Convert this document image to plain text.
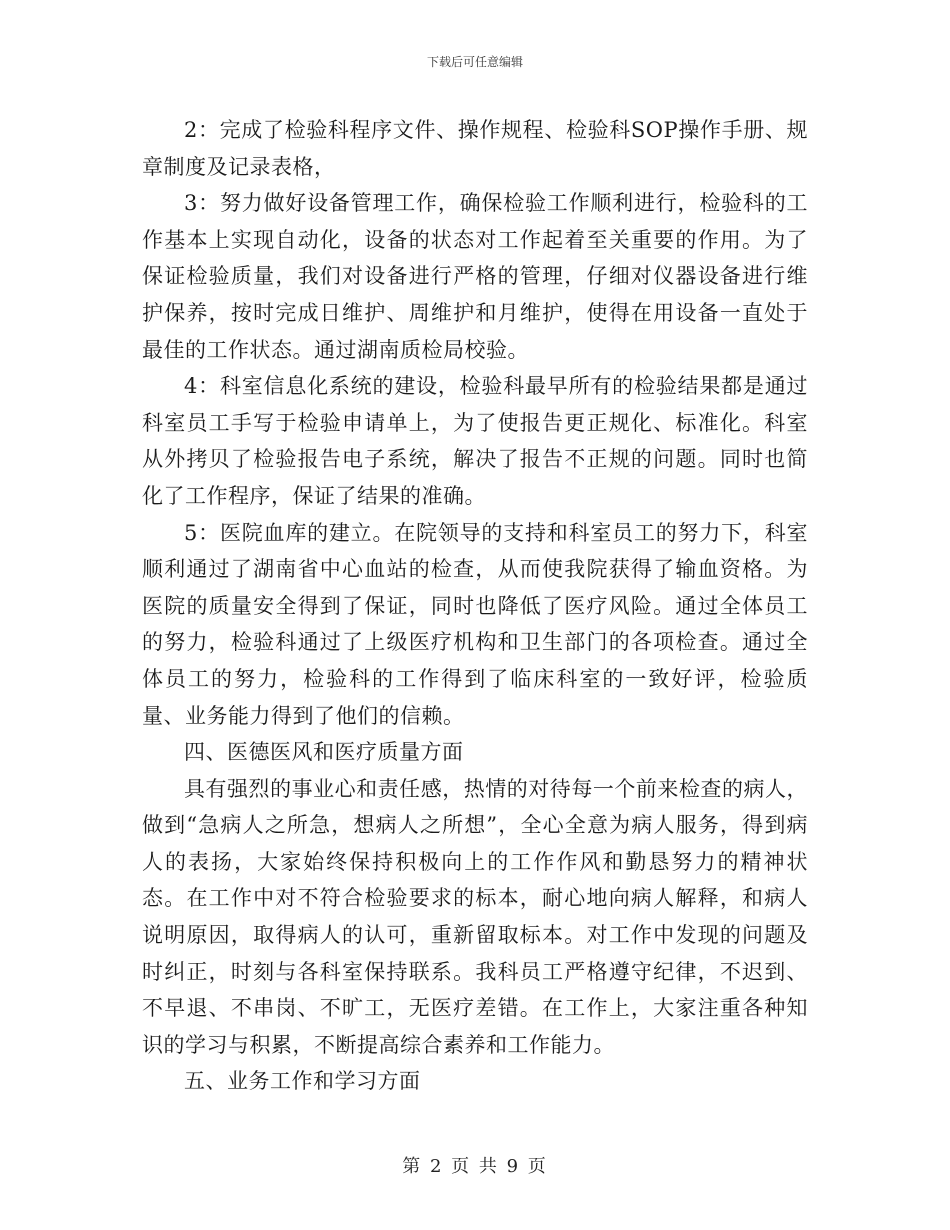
下载后可任意编辑

2：完成了检验科程序文件、操作规程、检验科SOP操作手册、规章制度及记录表格，

3：努力做好设备管理工作，确保检验工作顺利进行，检验科的工作基本上实现自动化，设备的状态对工作起着至关重要的作用。为了保证检验质量，我们对设备进行严格的管理，仔细对仪器设备进行维护保养，按时完成日维护、周维护和月维护，使得在用设备一直处于最佳的工作状态。通过湖南质检局校验。

4：科室信息化系统的建设，检验科最早所有的检验结果都是通过科室员工手写于检验申请单上，为了使报告更正规化、标准化。科室从外拷贝了检验报告电子系统，解决了报告不正规的问题。同时也简化了工作程序，保证了结果的准确。

5：医院血库的建立。在院领导的支持和科室员工的努力下，科室顺利通过了湖南省中心血站的检查，从而使我院获得了输血资格。为医院的质量安全得到了保证，同时也降低了医疗风险。通过全体员工的努力，检验科通过了上级医疗机构和卫生部门的各项检查。通过全体员工的努力，检验科的工作得到了临床科室的一致好评，检验质量、业务能力得到了他们的信赖。

四、医德医风和医疗质量方面

具有强烈的事业心和责任感，热情的对待每一个前来检查的病人，做到“急病人之所急，想病人之所想”，全心全意为病人服务，得到病人的表扬，大家始终保持积极向上的工作作风和勤恳努力的精神状态。在工作中对不符合检验要求的标本，耐心地向病人解释，和病人说明原因，取得病人的认可，重新留取标本。对工作中发现的问题及时纠正，时刻与各科室保持联系。我科员工严格遵守纪律，不迟到、不早退、不串岗、不旷工，无医疗差错。在工作上，大家注重各种知识的学习与积累，不断提高综合素养和工作能力。

五、业务工作和学习方面

第 2 页 共 9 页
